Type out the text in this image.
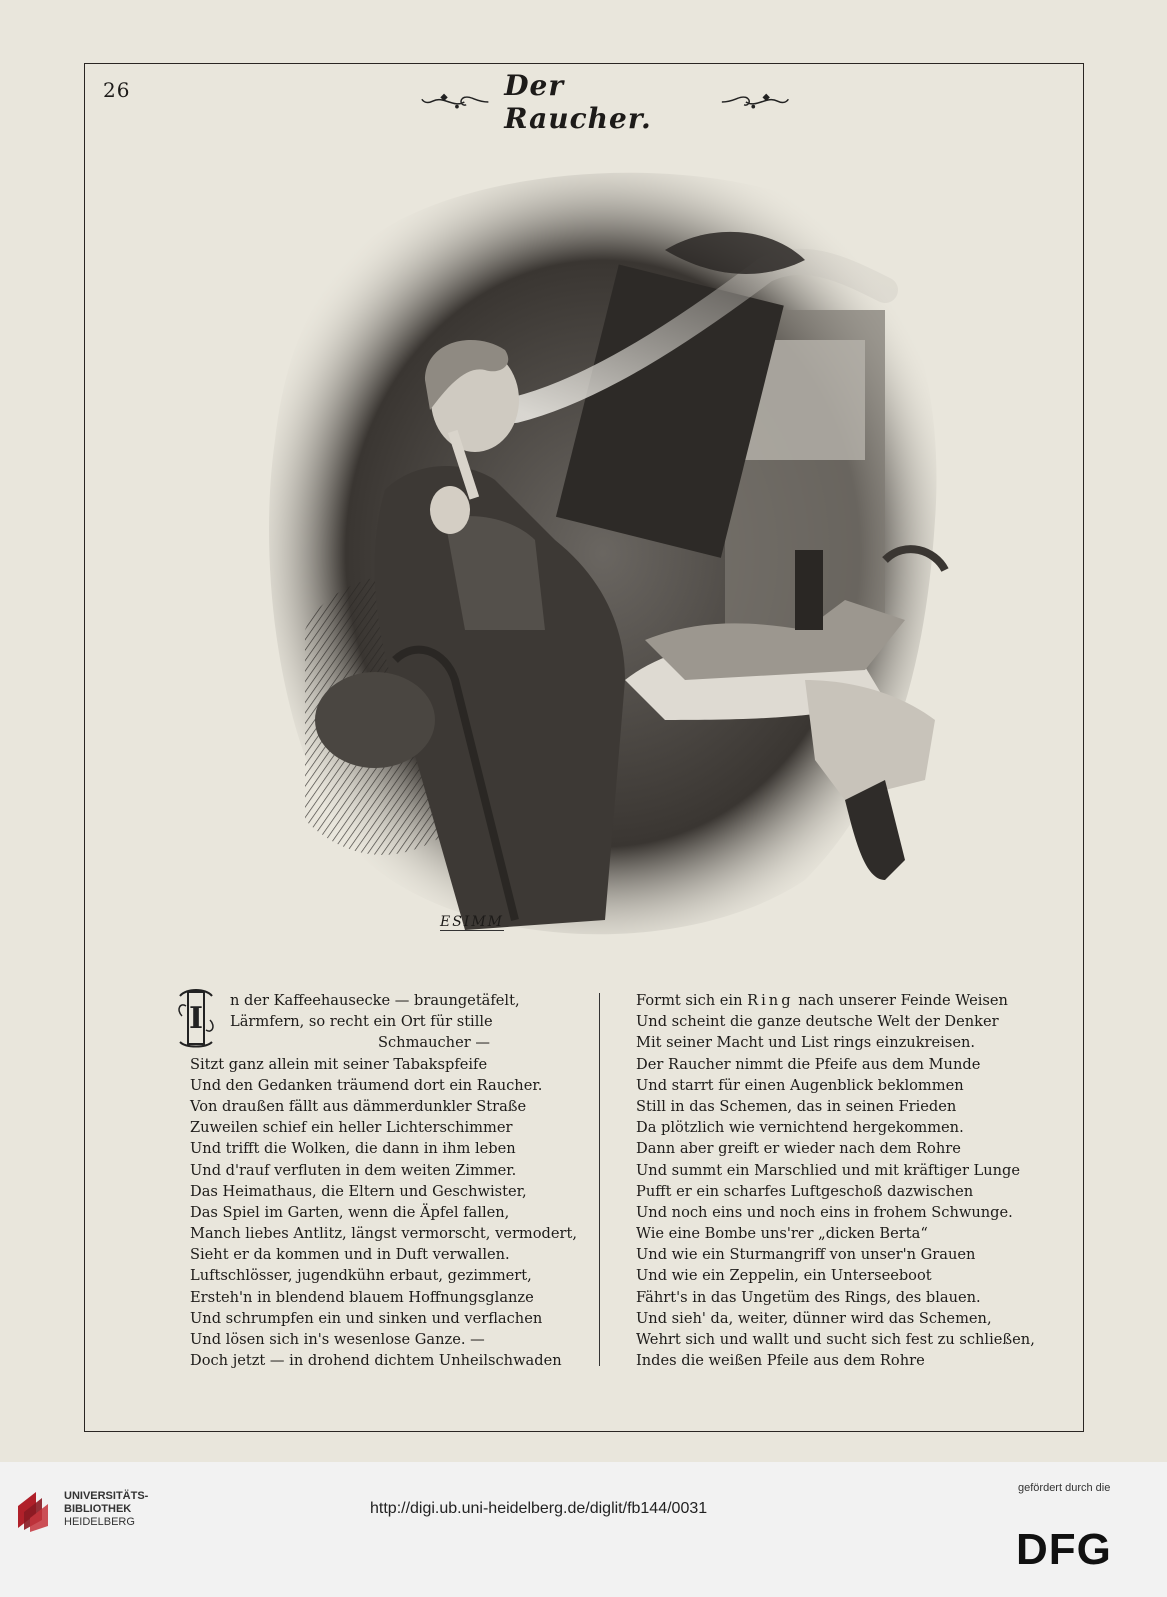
26	Der Raucher.
ESIMM
I
n der Kaffeehausecke — braungetäfelt,
Lärmfern, so recht ein Ort für stille
Schmaucher —
Sitzt ganz allein mit seiner Tabakspfeife
Und den Gedanken träumend dort ein Raucher.
Von draußen fällt aus dämmerdunkler Straße
Zuweilen schief ein heller Lichterschimmer
Und trifft die Wolken, die dann in ihm leben
Und d'rauf verfluten in dem weiten Zimmer.
Das Heimathaus, die Eltern und Geschwister,
Das Spiel im Garten, wenn die Äpfel fallen,
Manch liebes Antlitz, längst vermorscht, vermodert,
Sieht er da kommen und in Duft verwallen.
Luftschlösser, jugendkühn erbaut, gezimmert,
Ersteh'n in blendend blauem Hoffnungsglanze
Und schrumpfen ein und sinken und verflachen
Und lösen sich in's wesenlose Ganze. —
Doch jetzt — in drohend dichtem Unheilschwaden
Formt sich ein Ring nach unserer Feinde Weisen
Und scheint die ganze deutsche Welt der Denker
Mit seiner Macht und List rings einzukreisen.
Der Raucher nimmt die Pfeife aus dem Munde
Und starrt für einen Augenblick beklommen
Still in das Schemen, das in seinen Frieden
Da plötzlich wie vernichtend hergekommen.
Dann aber greift er wieder nach dem Rohre
Und summt ein Marschlied und mit kräftiger Lunge
Pufft er ein scharfes Luftgeschoß dazwischen
Und noch eins und noch eins in frohem Schwunge.
Wie eine Bombe uns'rer „dicken Berta“
Und wie ein Sturmangriff von unser'n Grauen
Und wie ein Zeppelin, ein Unterseeboot
Fährt's in das Ungetüm des Rings, des blauen.
Und sieh' da, weiter, dünner wird das Schemen,
Wehrt sich und wallt und sucht sich fest zu schließen,
Indes die weißen Pfeile aus dem Rohre
UNIVERSITÄTS-
BIBLIOTHEK
HEIDELBERG
http://digi.ub.uni-heidelberg.de/diglit/fb144/0031
gefördert durch die
DFG
